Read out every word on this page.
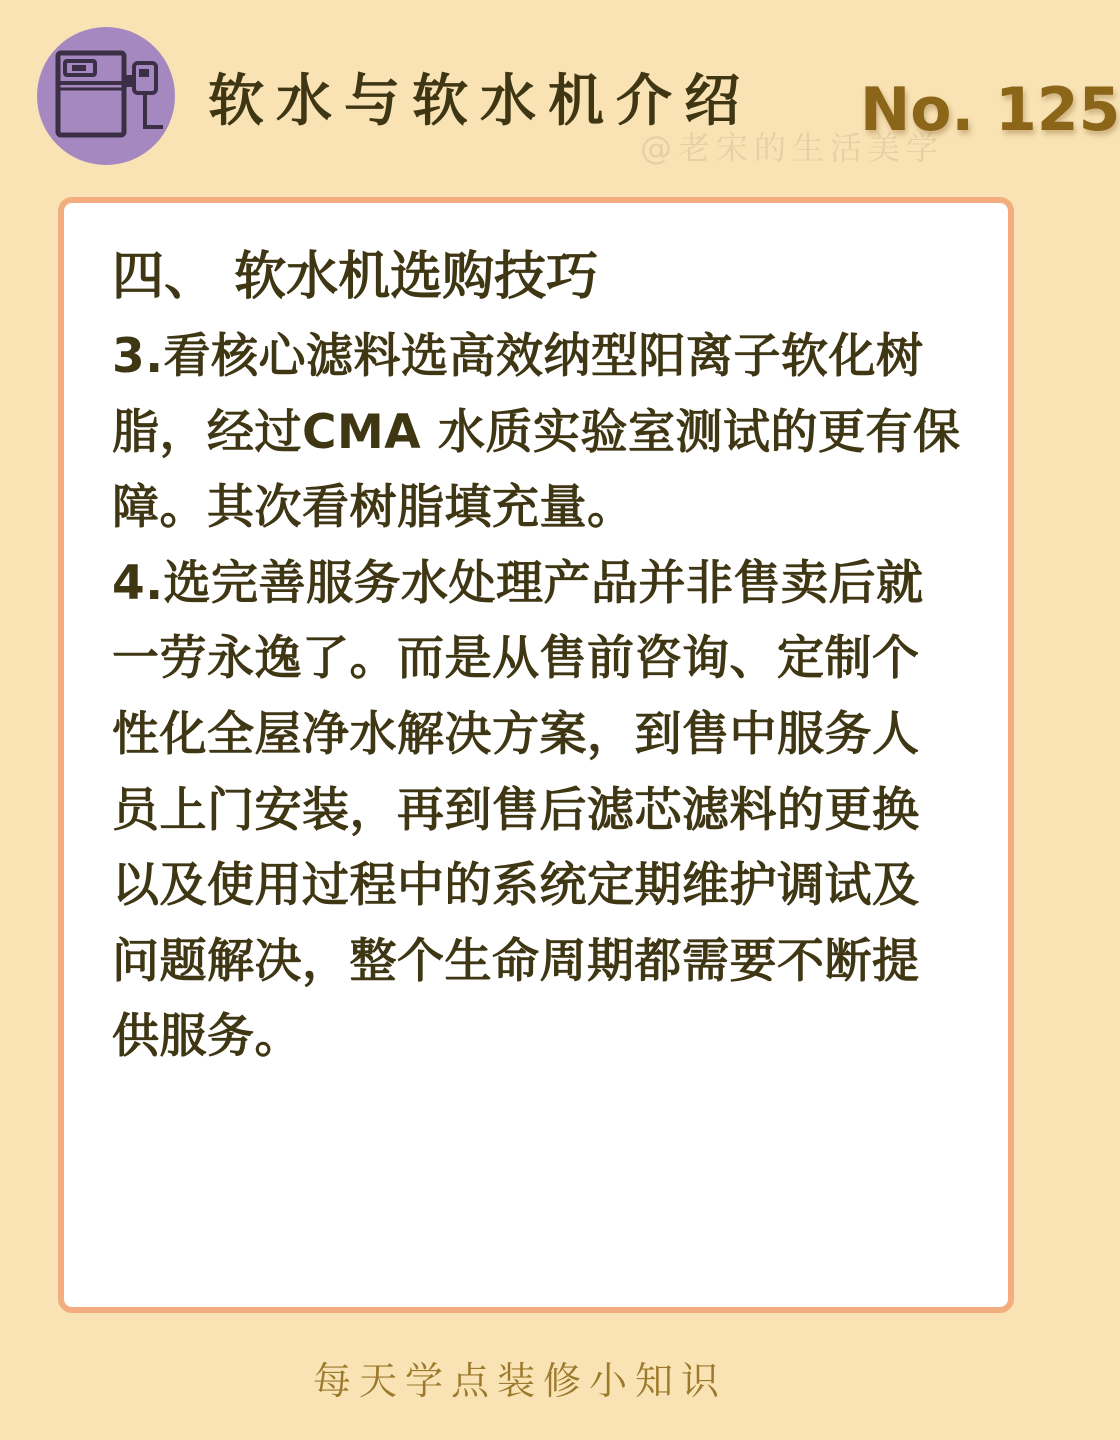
软水与软水机介绍 No. 125
@老宋的生活美学
四、 软水机选购技巧
3.看核心滤料选高效纳型阳离子软化树
脂，经过CMA 水质实验室测试的更有保
障。其次看树脂填充量。
4.选完善服务水处理产品并非售卖后就
一劳永逸了。而是从售前咨询、定制个
性化全屋净水解决方案，到售中服务人
员上门安装，再到售后滤芯滤料的更换
以及使用过程中的系统定期维护调试及
问题解决，整个生命周期都需要不断提
供服务。
每天学点装修小知识
